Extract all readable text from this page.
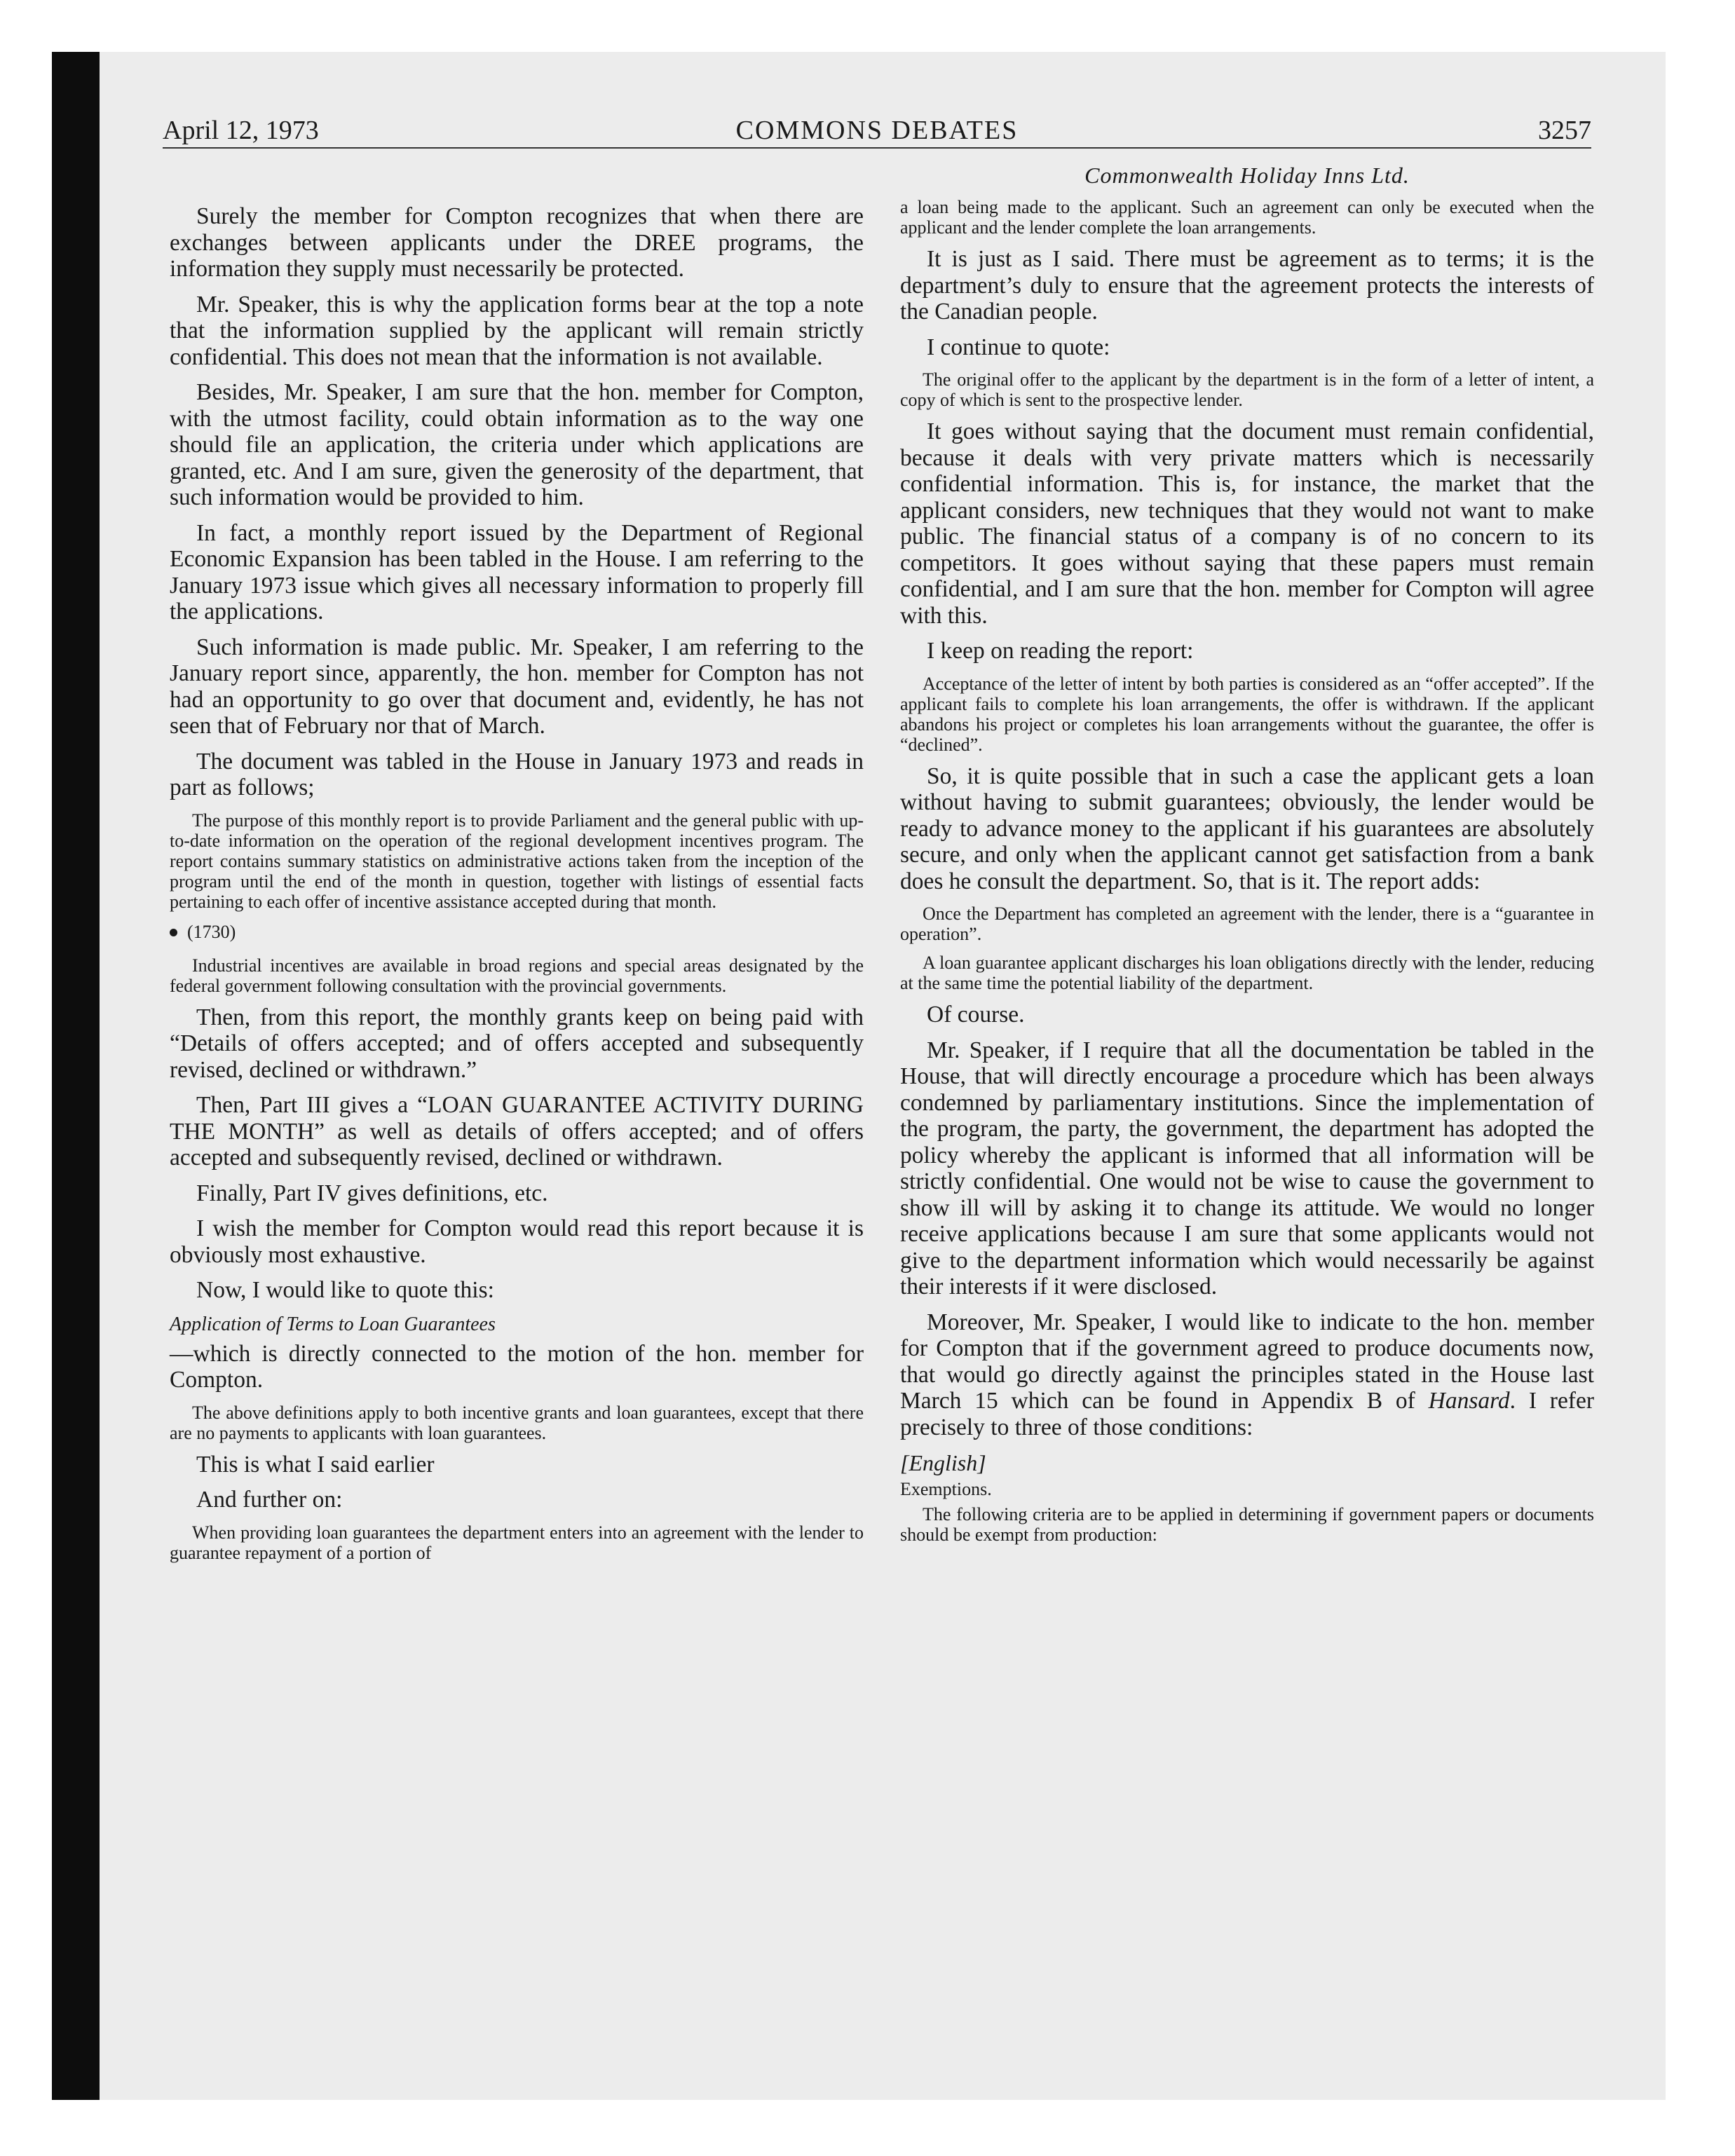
April 12, 1973	COMMONS DEBATES	3257

Surely the member for Compton recognizes that when there are exchanges between applicants under the DREE programs, the information they supply must necessarily be protected.

Mr. Speaker, this is why the application forms bear at the top a note that the information supplied by the applicant will remain strictly confidential. This does not mean that the information is not available.

Besides, Mr. Speaker, I am sure that the hon. member for Compton, with the utmost facility, could obtain information as to the way one should file an application, the criteria under which applications are granted, etc. And I am sure, given the generosity of the department, that such information would be provided to him.

In fact, a monthly report issued by the Department of Regional Economic Expansion has been tabled in the House. I am referring to the January 1973 issue which gives all necessary information to properly fill the applications.

Such information is made public. Mr. Speaker, I am referring to the January report since, apparently, the hon. member for Compton has not had an opportunity to go over that document and, evidently, he has not seen that of February nor that of March.

The document was tabled in the House in January 1973 and reads in part as follows;

The purpose of this monthly report is to provide Parliament and the general public with up-to-date information on the operation of the regional development incentives program. The report contains summary statistics on administrative actions taken from the inception of the program until the end of the month in question, together with listings of essential facts pertaining to each offer of incentive assistance accepted during that month.

(1730)

Industrial incentives are available in broad regions and special areas designated by the federal government following consultation with the provincial governments.

Then, from this report, the monthly grants keep on being paid with “Details of offers accepted; and of offers accepted and subsequently revised, declined or withdrawn.”

Then, Part III gives a “LOAN GUARANTEE ACTIVITY DURING THE MONTH” as well as details of offers accepted; and of offers accepted and subsequently revised, declined or withdrawn.

Finally, Part IV gives definitions, etc.

I wish the member for Compton would read this report because it is obviously most exhaustive.

Now, I would like to quote this:

Application of Terms to Loan Guarantees

—which is directly connected to the motion of the hon. member for Compton.

The above definitions apply to both incentive grants and loan guarantees, except that there are no payments to applicants with loan guarantees.

This is what I said earlier

And further on:

When providing loan guarantees the department enters into an agreement with the lender to guarantee repayment of a portion of

Commonwealth Holiday Inns Ltd.

a loan being made to the applicant. Such an agreement can only be executed when the applicant and the lender complete the loan arrangements.

It is just as I said. There must be agreement as to terms; it is the department’s duly to ensure that the agreement protects the interests of the Canadian people.

I continue to quote:

The original offer to the applicant by the department is in the form of a letter of intent, a copy of which is sent to the prospective lender.

It goes without saying that the document must remain confidential, because it deals with very private matters which is necessarily confidential information. This is, for instance, the market that the applicant considers, new techniques that they would not want to make public. The financial status of a company is of no concern to its competitors. It goes without saying that these papers must remain confidential, and I am sure that the hon. member for Compton will agree with this.

I keep on reading the report:

Acceptance of the letter of intent by both parties is considered as an “offer accepted”. If the applicant fails to complete his loan arrangements, the offer is withdrawn. If the applicant abandons his project or completes his loan arrangements without the guarantee, the offer is “declined”.

So, it is quite possible that in such a case the applicant gets a loan without having to submit guarantees; obviously, the lender would be ready to advance money to the applicant if his guarantees are absolutely secure, and only when the applicant cannot get satisfaction from a bank does he consult the department. So, that is it. The report adds:

Once the Department has completed an agreement with the lender, there is a “guarantee in operation”.

A loan guarantee applicant discharges his loan obligations directly with the lender, reducing at the same time the potential liability of the department.

Of course.

Mr. Speaker, if I require that all the documentation be tabled in the House, that will directly encourage a procedure which has been always condemned by parliamentary institutions. Since the implementation of the program, the party, the government, the department has adopted the policy whereby the applicant is informed that all information will be strictly confidential. One would not be wise to cause the government to show ill will by asking it to change its attitude. We would no longer receive applications because I am sure that some applicants would not give to the department information which would necessarily be against their interests if it were disclosed.

Moreover, Mr. Speaker, I would like to indicate to the hon. member for Compton that if the government agreed to produce documents now, that would go directly against the principles stated in the House last March 15 which can be found in Appendix B of Hansard. I refer precisely to three of those conditions:

[English]
Exemptions.

The following criteria are to be applied in determining if government papers or documents should be exempt from production:
